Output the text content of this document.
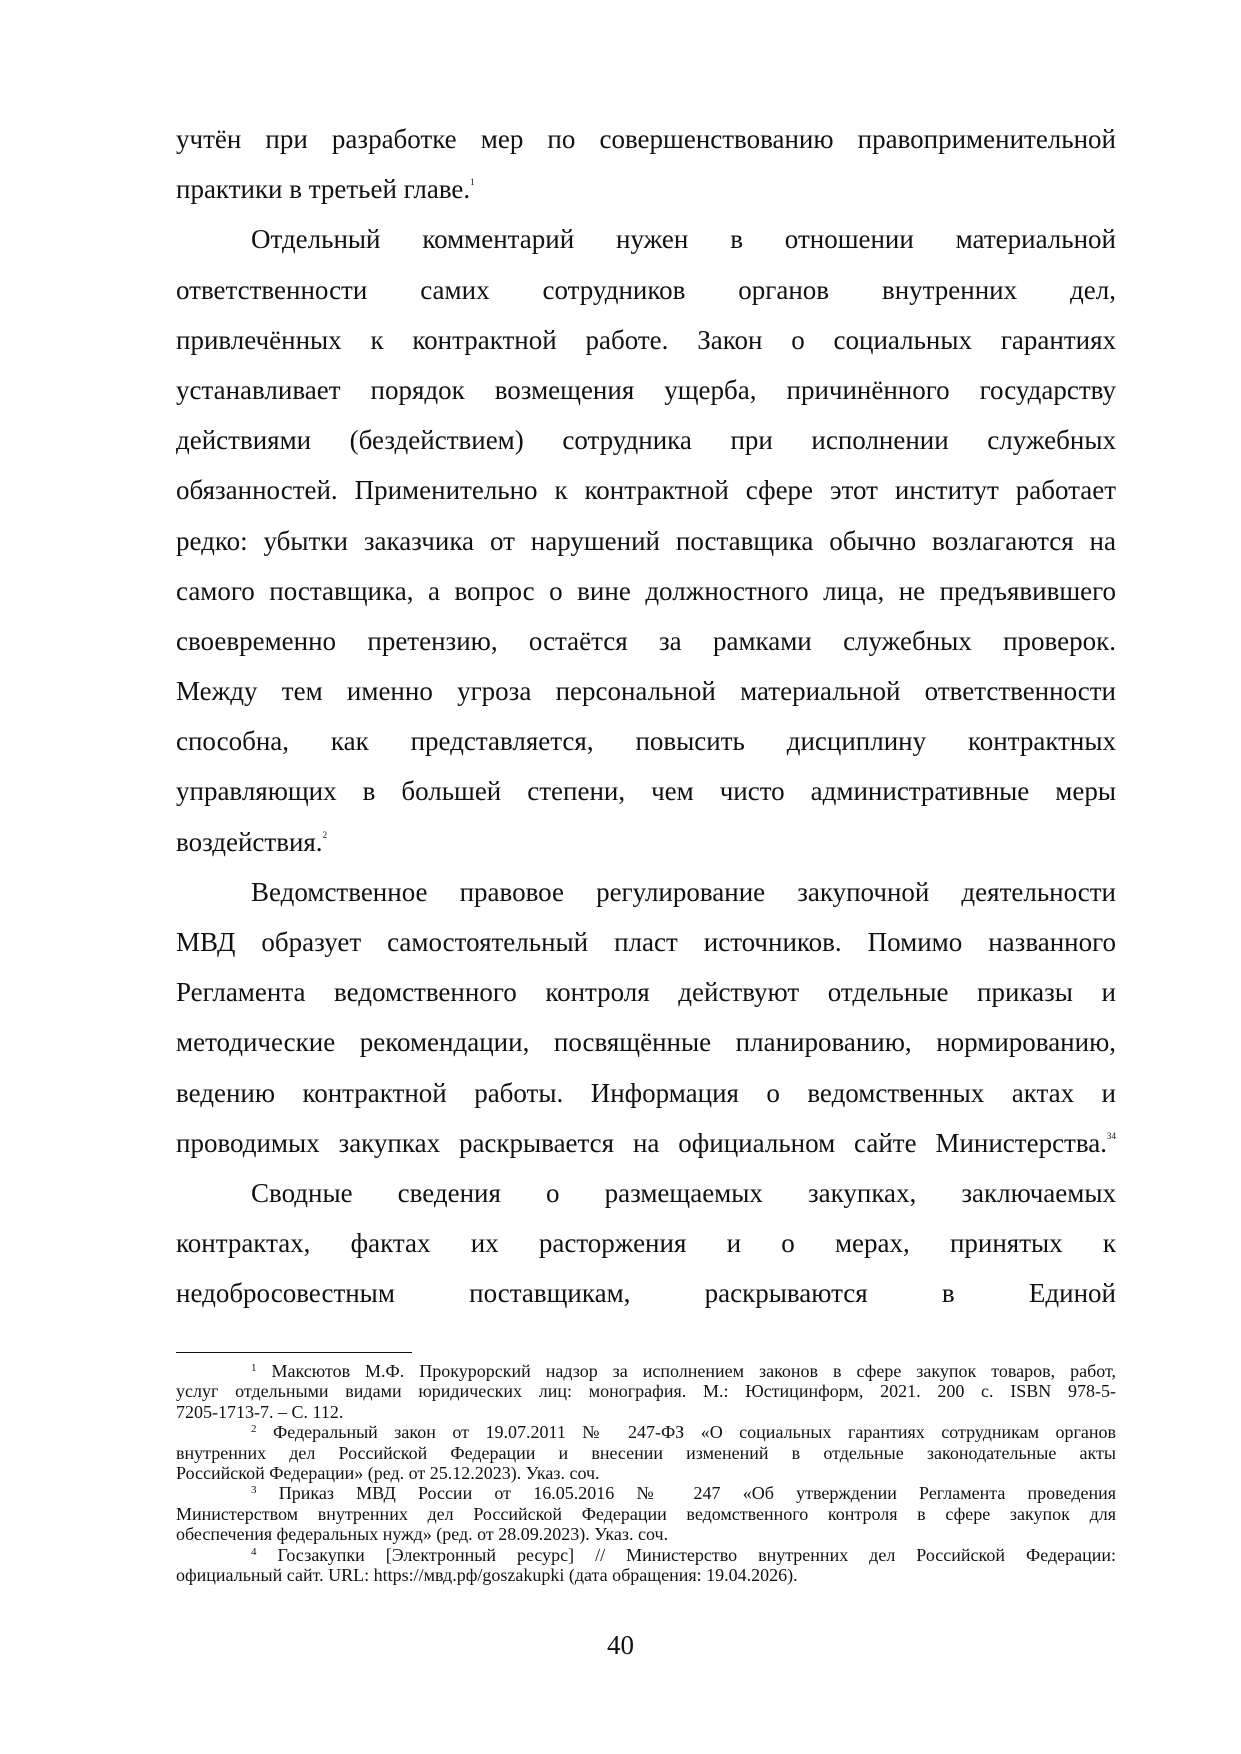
учтён при разработке мер по совершенствованию правоприменительной
практики в третьей главе.$^1$
Отдельный комментарий нужен в отношении материальной
ответственности самих сотрудников органов внутренних дел,
привлечённых к контрактной работе. Закон о социальных гарантиях
устанавливает порядок возмещения ущерба, причинённого государству
действиями (бездействием) сотрудника при исполнении служебных
обязанностей. Применительно к контрактной сфере этот институт работает
редко: убытки заказчика от нарушений поставщика обычно возлагаются на
самого поставщика, а вопрос о вине должностного лица, не предъявившего
своевременно претензию, остаётся за рамками служебных проверок.
Между тем именно угроза персональной материальной ответственности
способна, как представляется, повысить дисциплину контрактных
управляющих в большей степени, чем чисто административные меры
воздействия.$^2$
Ведомственное правовое регулирование закупочной деятельности
МВД образует самостоятельный пласт источников. Помимо названного
Регламента ведомственного контроля действуют отдельные приказы и
методические рекомендации, посвящённые планированию, нормированию,
ведению контрактной работы. Информация о ведомственных актах и
проводимых закупках раскрывается на официальном сайте Министерства.$^{34}$
Сводные сведения о размещаемых закупках, заключаемых
контрактах, фактах их расторжения и о мерах, принятых к
недобросовестным поставщикам, раскрываются в Единой
$^1$ Максютов М.Ф. Прокурорский надзор за исполнением законов в сфере закупок товаров, работ,
услуг отдельными видами юридических лиц: монография. М.: Юстицинформ, 2021. 200 с. ISBN 978-5-
7205-1713-7. – С. 112.
$^2$ Федеральный закон от 19.07.2011 № 247-ФЗ «О социальных гарантиях сотрудникам органов
внутренних дел Российской Федерации и внесении изменений в отдельные законодательные акты
Российской Федерации» (ред. от 25.12.2023). Указ. соч.
$^3$ Приказ МВД России от 16.05.2016 № 247 «Об утверждении Регламента проведения
Министерством внутренних дел Российской Федерации ведомственного контроля в сфере закупок для
обеспечения федеральных нужд» (ред. от 28.09.2023). Указ. соч.
$^4$ Госзакупки [Электронный ресурс] // Министерство внутренних дел Российской Федерации:
официальный сайт. URL: https://мвд.рф/goszakupki (дата обращения: 19.04.2026).
40
